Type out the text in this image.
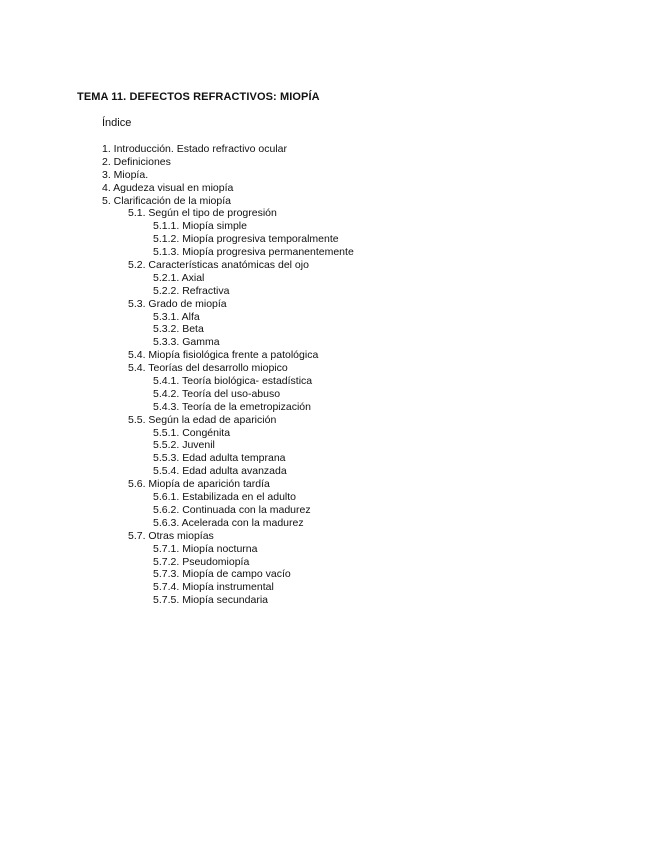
TEMA 11. DEFECTOS REFRACTIVOS: MIOPÍA
Índice
1. Introducción. Estado refractivo ocular
2. Definiciones
3. Miopía.
4. Agudeza visual en miopía
5. Clarificación de la miopía
5.1. Según el tipo de progresión
5.1.1. Miopía simple
5.1.2. Miopía progresiva temporalmente
5.1.3. Miopía progresiva permanentemente
5.2. Características anatómicas del ojo
5.2.1. Axial
5.2.2. Refractiva
5.3. Grado de miopía
5.3.1. Alfa
5.3.2. Beta
5.3.3. Gamma
5.4. Miopía fisiológica frente a patológica
5.4. Teorías del desarrollo miopico
5.4.1. Teoría biológica- estadística
5.4.2. Teoría del uso-abuso
5.4.3. Teoría de la emetropización
5.5. Según la edad de aparición
5.5.1. Congénita
5.5.2. Juvenil
5.5.3. Edad adulta temprana
5.5.4. Edad adulta avanzada
5.6. Miopía de aparición tardía
5.6.1. Estabilizada en el adulto
5.6.2. Continuada con la madurez
5.6.3. Acelerada con la madurez
5.7. Otras miopías
5.7.1. Miopía nocturna
5.7.2. Pseudomiopía
5.7.3. Miopía de campo vacío
5.7.4. Miopía instrumental
5.7.5. Miopía secundaria
